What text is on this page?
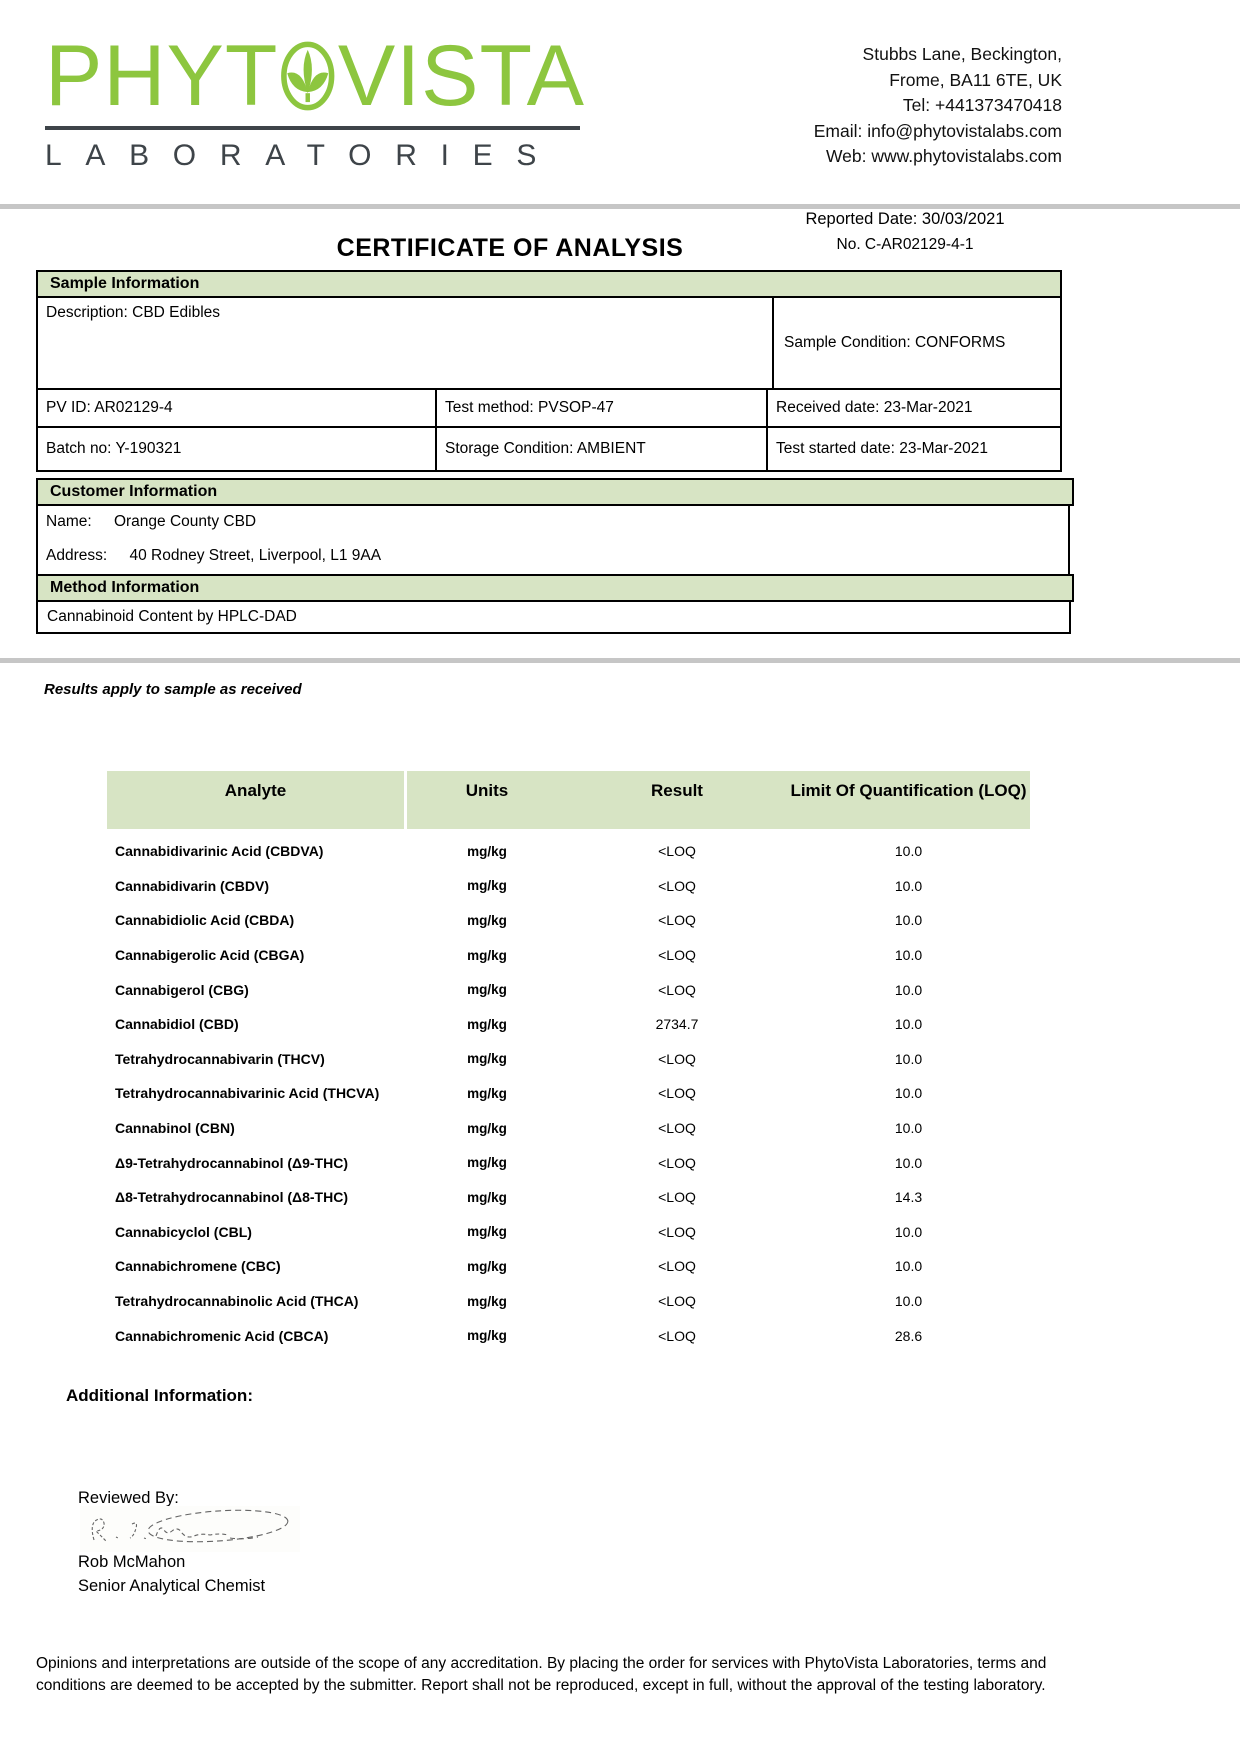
PHYT VISTA
LABORATORIES
Stubbs Lane, Beckington,
Frome, BA11 6TE, UK
Tel: +441373470418
Email: info@phytovistalabs.com
Web: www.phytovistalabs.com
Reported Date: 30/03/2021
No. C-AR02129-4-1
CERTIFICATE OF ANALYSIS
Sample Information
Description: CBD Edibles
Sample Condition: CONFORMS
PV ID: AR02129-4	Test method: PVSOP-47	Received date: 23-Mar-2021
Batch no: Y-190321	Storage Condition: AMBIENT	Test started date: 23-Mar-2021
Customer Information
Name: Orange County CBD
Address: 40 Rodney Street, Liverpool, L1 9AA
Method Information
Cannabinoid Content by HPLC-DAD
Results apply to sample as received
Analyte	Units	Result	Limit Of Quantification (LOQ)
Cannabidivarinic Acid (CBDVA)	mg/kg	<LOQ	10.0
Cannabidivarin (CBDV)	mg/kg	<LOQ	10.0
Cannabidiolic Acid (CBDA)	mg/kg	<LOQ	10.0
Cannabigerolic Acid (CBGA)	mg/kg	<LOQ	10.0
Cannabigerol (CBG)	mg/kg	<LOQ	10.0
Cannabidiol (CBD)	mg/kg	2734.7	10.0
Tetrahydrocannabivarin (THCV)	mg/kg	<LOQ	10.0
Tetrahydrocannabivarinic Acid (THCVA)	mg/kg	<LOQ	10.0
Cannabinol (CBN)	mg/kg	<LOQ	10.0
Δ9-Tetrahydrocannabinol (Δ9-THC)	mg/kg	<LOQ	10.0
Δ8-Tetrahydrocannabinol (Δ8-THC)	mg/kg	<LOQ	14.3
Cannabicyclol (CBL)	mg/kg	<LOQ	10.0
Cannabichromene (CBC)	mg/kg	<LOQ	10.0
Tetrahydrocannabinolic Acid (THCA)	mg/kg	<LOQ	10.0
Cannabichromenic Acid (CBCA)	mg/kg	<LOQ	28.6
Additional Information:
Reviewed By:
Rob McMahon
Senior Analytical Chemist
Opinions and interpretations are outside of the scope of any accreditation. By placing the order for services with PhytoVista Laboratories, terms and conditions are deemed to be accepted by the submitter. Report shall not be reproduced, except in full, without the approval of the testing laboratory.
